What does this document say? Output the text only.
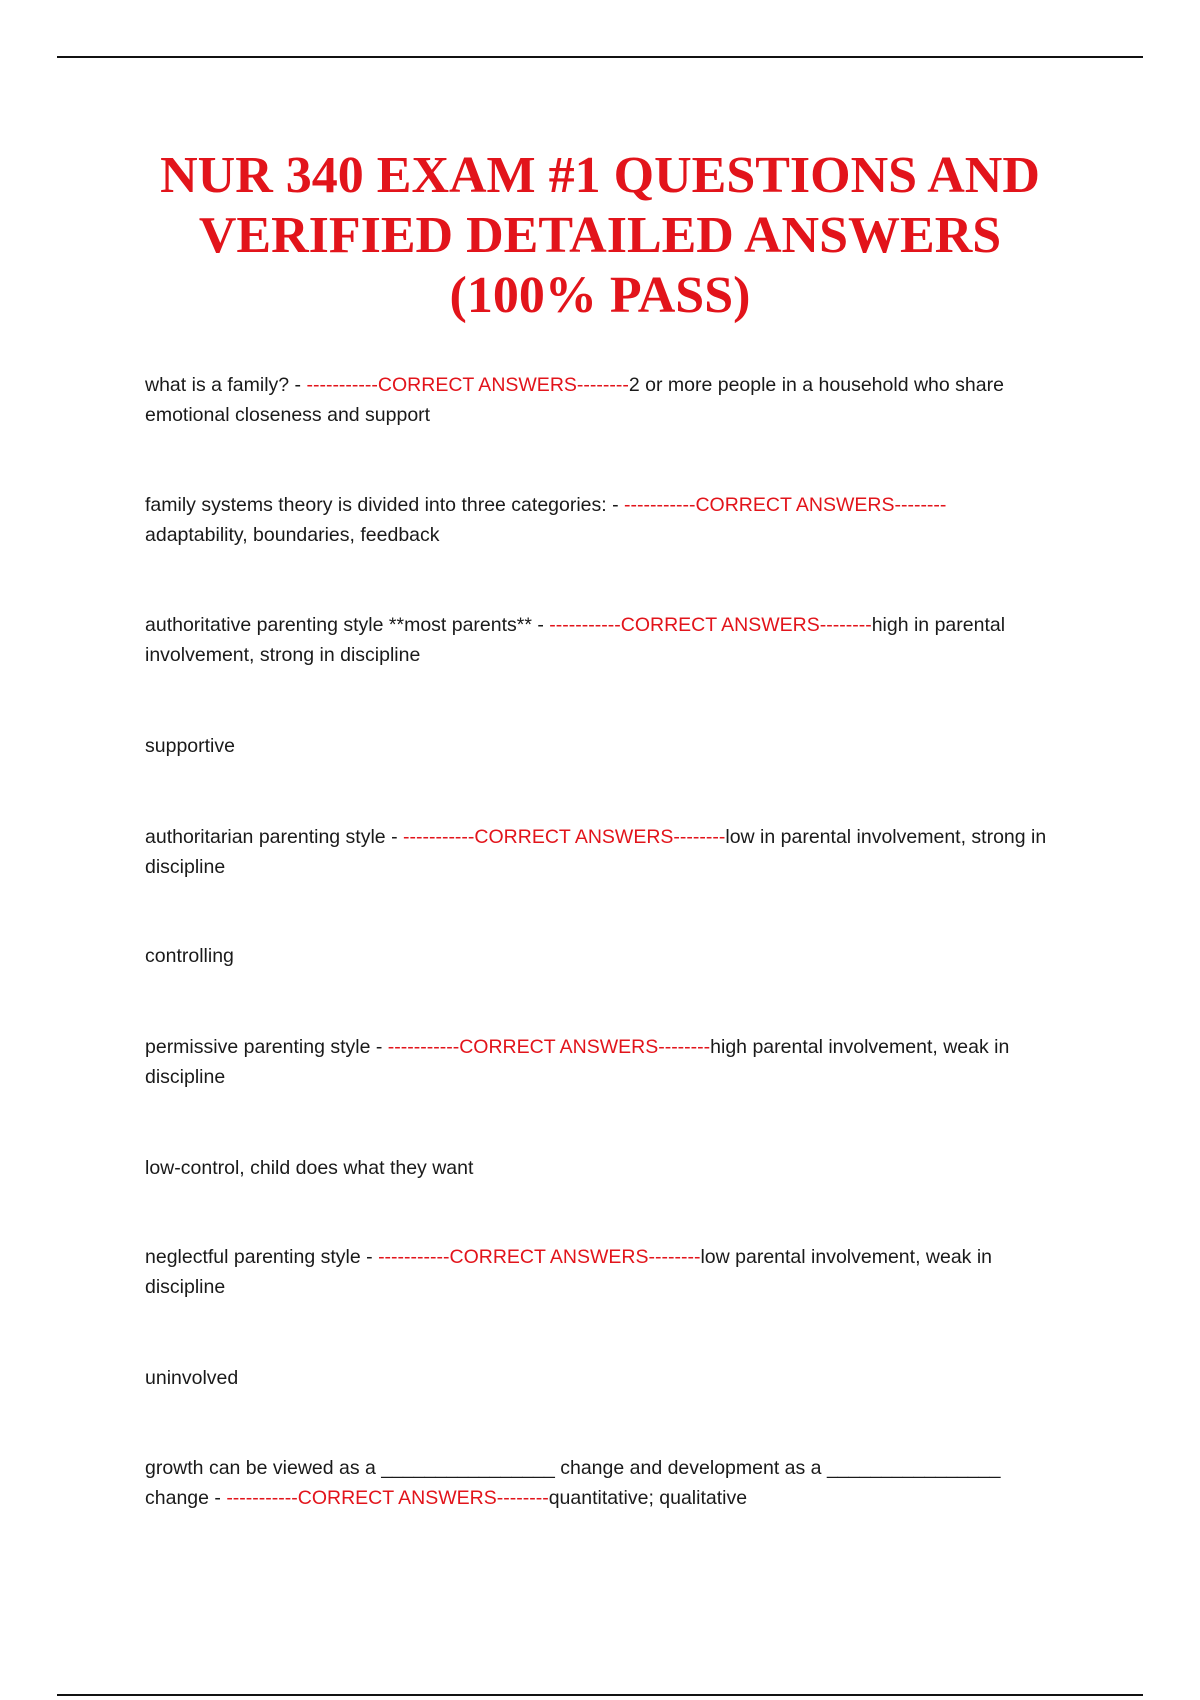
NUR 340 EXAM #1 QUESTIONS AND
VERIFIED DETAILED ANSWERS
(100% PASS)

what is a family? - -----------CORRECT ANSWERS--------2 or more people in a household who share emotional closeness and support

family systems theory is divided into three categories: - -----------CORRECT ANSWERS--------adaptability, boundaries, feedback

authoritative parenting style **most parents** - -----------CORRECT ANSWERS--------high in parental involvement, strong in discipline

supportive

authoritarian parenting style - -----------CORRECT ANSWERS--------low in parental involvement, strong in discipline

controlling

permissive parenting style - -----------CORRECT ANSWERS--------high parental involvement, weak in discipline

low-control, child does what they want

neglectful parenting style - -----------CORRECT ANSWERS--------low parental involvement, weak in discipline

uninvolved

growth can be viewed as a ________________ change and development as a ________________ change - -----------CORRECT ANSWERS--------quantitative; qualitative
